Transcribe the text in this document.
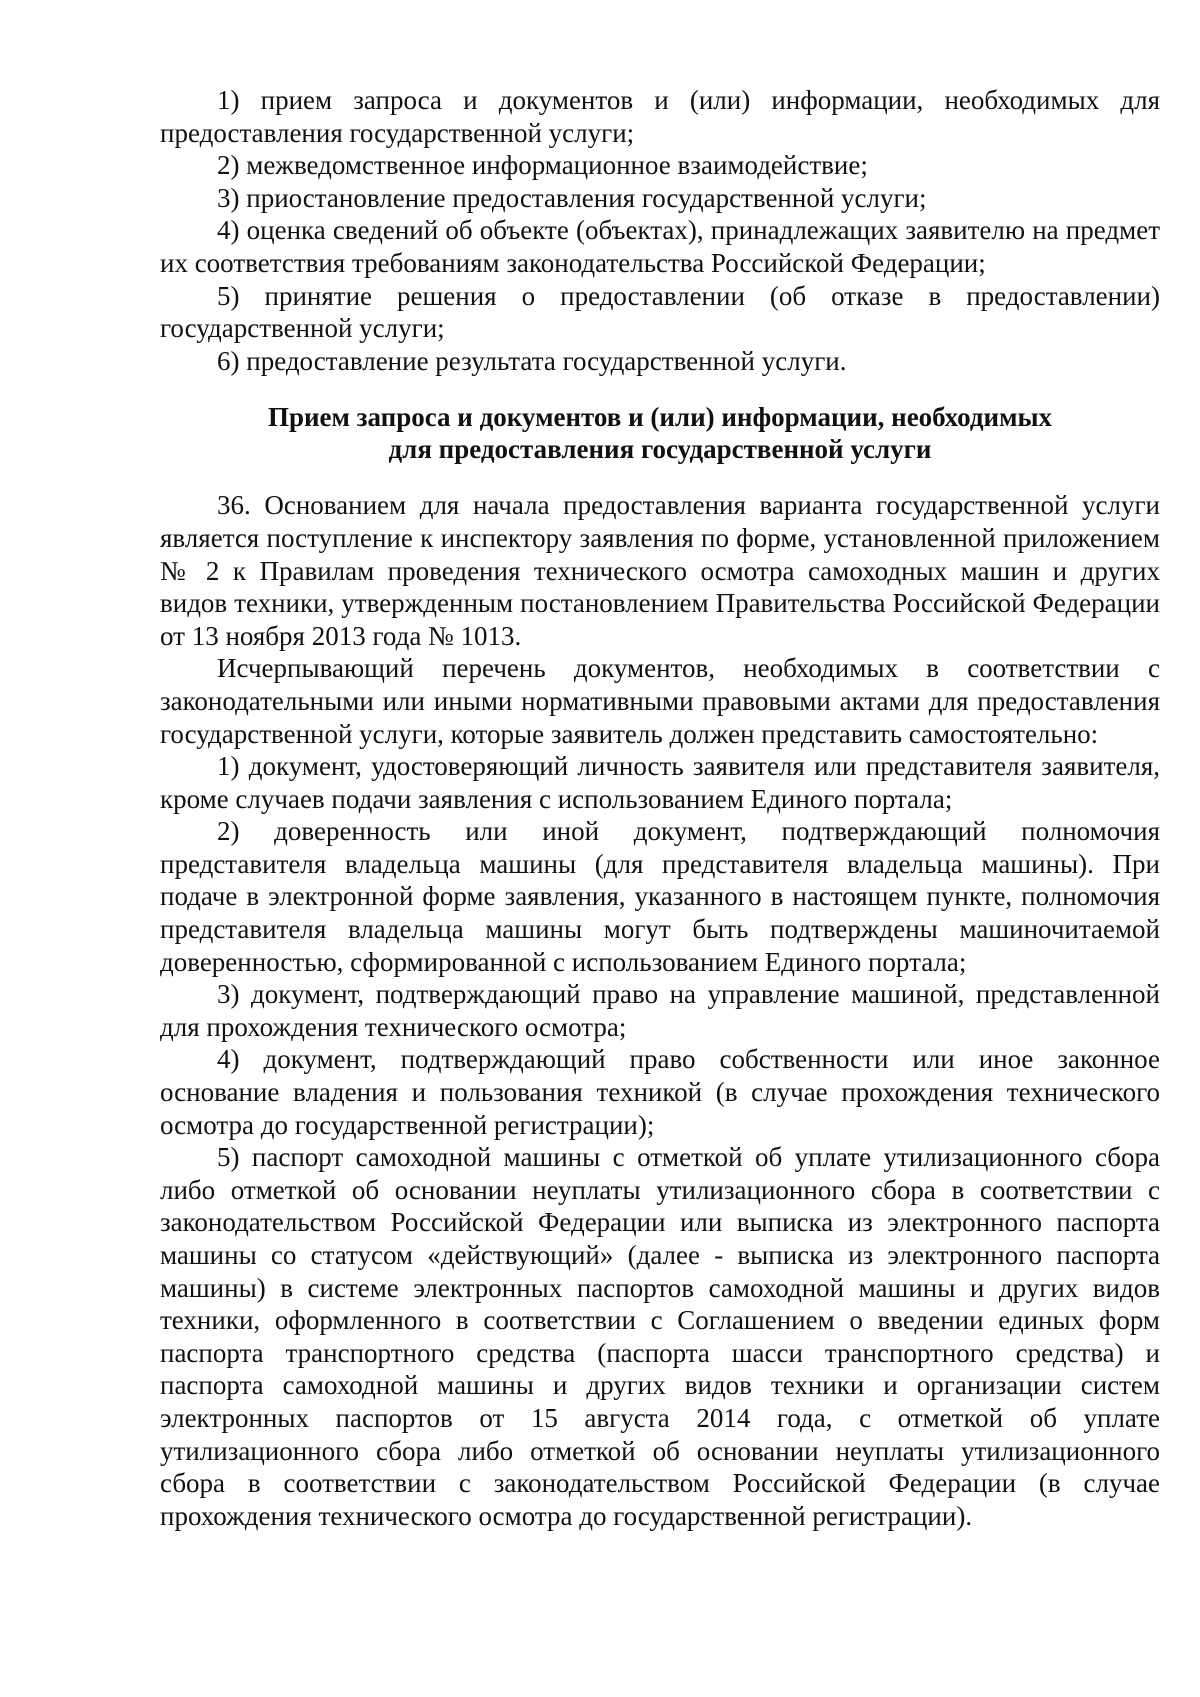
1) прием запроса и документов и (или) информации, необходимых для предоставления государственной услуги;

2) межведомственное информационное взаимодействие;

3) приостановление предоставления государственной услуги;

4) оценка сведений об объекте (объектах), принадлежащих заявителю на предмет их соответствия требованиям законодательства Российской Федерации;

5) принятие решения о предоставлении (об отказе в предоставлении) государственной услуги;

6) предоставление результата государственной услуги.

Прием запроса и документов и (или) информации, необходимых
для предоставления государственной услуги

36. Основанием для начала предоставления варианта государственной услуги является поступление к инспектору заявления по форме, установленной приложением № 2 к Правилам проведения технического осмотра самоходных машин и других видов техники, утвержденным постановлением Правительства Российской Федерации от 13 ноября 2013 года № 1013.

Исчерпывающий перечень документов, необходимых в соответствии с законодательными или иными нормативными правовыми актами для предоставления государственной услуги, которые заявитель должен представить самостоятельно:

1) документ, удостоверяющий личность заявителя или представителя заявителя, кроме случаев подачи заявления с использованием Единого портала;

2) доверенность или иной документ, подтверждающий полномочия представителя владельца машины (для представителя владельца машины). При подаче в электронной форме заявления, указанного в настоящем пункте, полномочия представителя владельца машины могут быть подтверждены машиночитаемой доверенностью, сформированной с использованием Единого портала;

3) документ, подтверждающий право на управление машиной, представленной для прохождения технического осмотра;

4) документ, подтверждающий право собственности или иное законное основание владения и пользования техникой (в случае прохождения технического осмотра до государственной регистрации);

5) паспорт самоходной машины с отметкой об уплате утилизационного сбора либо отметкой об основании неуплаты утилизационного сбора в соответствии с законодательством Российской Федерации или выписка из электронного паспорта машины со статусом «действующий» (далее - выписка из электронного паспорта машины) в системе электронных паспортов самоходной машины и других видов техники, оформленного в соответствии с Соглашением о введении единых форм паспорта транспортного средства (паспорта шасси транспортного средства) и паспорта самоходной машины и других видов техники и организации систем электронных паспортов от 15 августа 2014 года, с отметкой об уплате утилизационного сбора либо отметкой об основании неуплаты утилизационного сбора в соответствии с законодательством Российской Федерации (в случае прохождения технического осмотра до государственной регистрации).
